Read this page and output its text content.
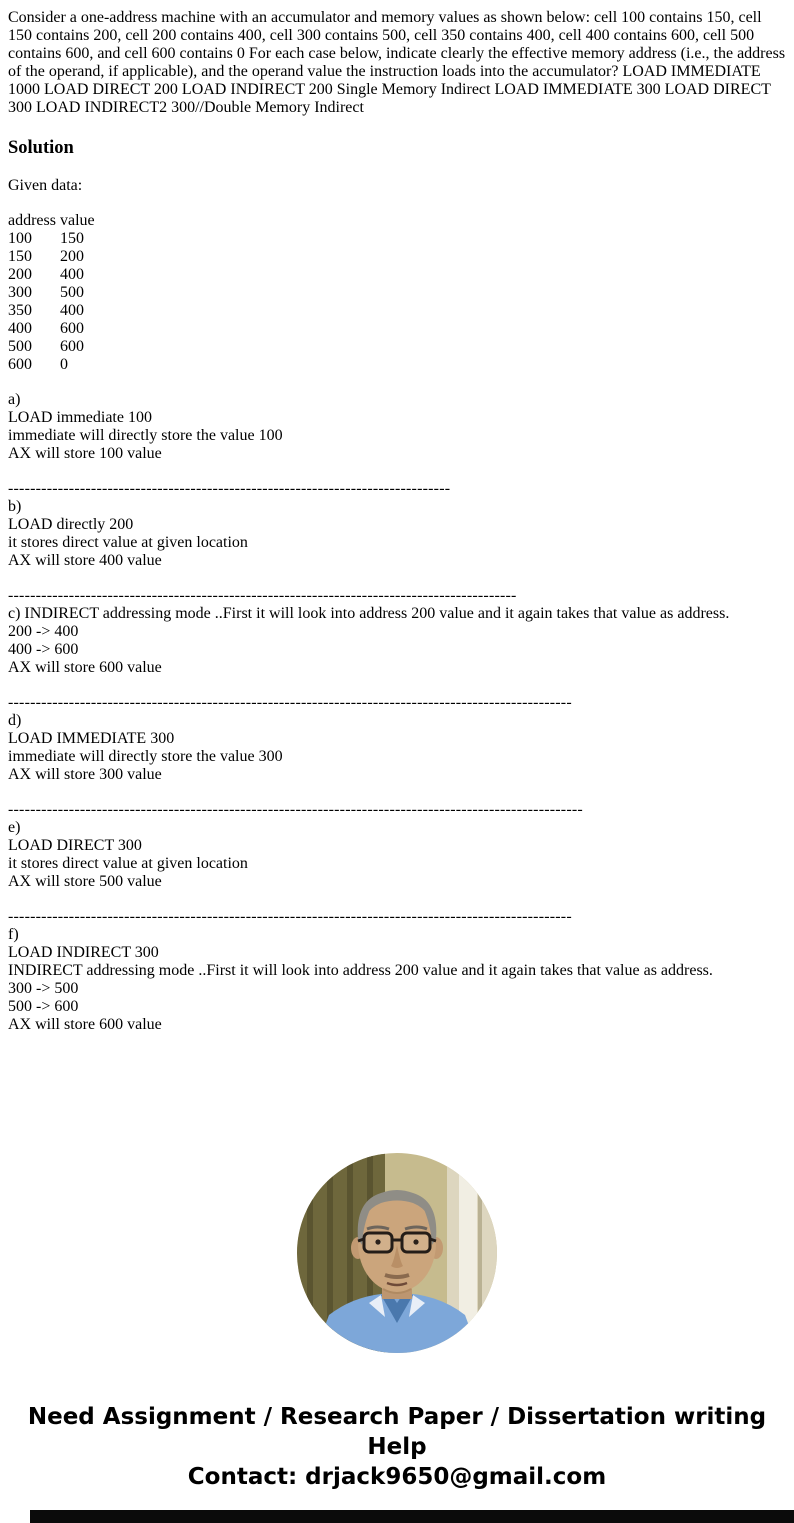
Consider a one-address machine with an accumulator and memory values as shown below: cell 100 contains 150, cell 150 contains 200, cell 200 contains 400, cell 300 contains 500, cell 350 contains 400, cell 400 contains 600, cell 500 contains 600, and cell 600 contains 0 For each case below, indicate clearly the effective memory address (i.e., the address of the operand, if applicable), and the operand value the instruction loads into the accumulator? LOAD IMMEDIATE 1000 LOAD DIRECT 200 LOAD INDIRECT 200 Single Memory Indirect LOAD IMMEDIATE 300 LOAD DIRECT 300 LOAD INDIRECT2 300//Double Memory Indirect

Solution

Given data:

address value
100	150
150	200
200	400
300	500
350	400
400	600
500	600
600	0
a)
LOAD immediate 100
immediate will directly store the value 100
AX will store 100 value
--------------------------------------------------------------------------------
b)
LOAD directly 200
it stores direct value at given location
AX will store 400 value
--------------------------------------------------------------------------------------------
c) INDIRECT addressing mode ..First it will look into address 200 value and it again takes that value as address.
200 -> 400
400 -> 600
AX will store 600 value
------------------------------------------------------------------------------------------------------
d)
LOAD IMMEDIATE 300
immediate will directly store the value 300
AX will store 300 value
--------------------------------------------------------------------------------------------------------
e)
LOAD DIRECT 300
it stores direct value at given location
AX will store 500 value
------------------------------------------------------------------------------------------------------
f)
LOAD INDIRECT 300
INDIRECT addressing mode ..First it will look into address 200 value and it again takes that value as address.
300 -> 500
500 -> 600
AX will store 600 value
Need Assignment / Research Paper / Dissertation writing Help
Contact: drjack9650@gmail.com
